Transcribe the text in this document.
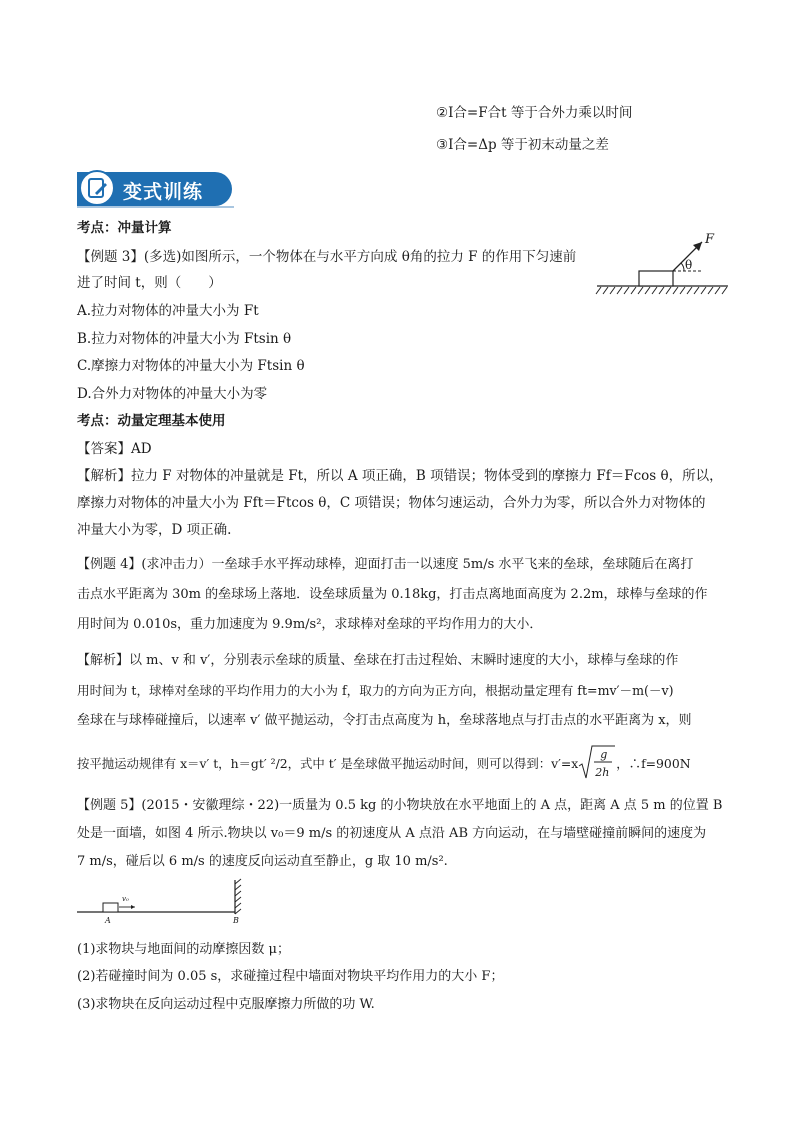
②I合=F合t 等于合外力乘以时间
③I合=Δp 等于初末动量之差
变式训练
考点：冲量计算
【例题 3】(多选)如图所示，一个物体在与水平方向成 θ角的拉力 F 的作用下匀速前
进了时间 t，则（　　）
A.拉力对物体的冲量大小为 Ft
B.拉力对物体的冲量大小为 Ftsin θ
C.摩擦力对物体的冲量大小为 Ftsin θ
D.合外力对物体的冲量大小为零
F
θ
考点：动量定理基本使用
【答案】AD
【解析】拉力 F 对物体的冲量就是 Ft，所以 A 项正确，B 项错误；物体受到的摩擦力 Ff＝Fcos θ，所以，
摩擦力对物体的冲量大小为 Fft＝Ftcos θ，C 项错误；物体匀速运动，合外力为零，所以合外力对物体的
冲量大小为零，D 项正确.
【例题 4】(求冲击力）一垒球手水平挥动球棒，迎面打击一以速度 5m/s 水平飞来的垒球，垒球随后在离打
击点水平距离为 30m 的垒球场上落地．设垒球质量为 0.18kg，打击点离地面高度为 2.2m，球棒与垒球的作
用时间为 0.010s，重力加速度为 9.9m/s²，求球棒对垒球的平均作用力的大小．
【解析】以 m、v 和 v′，分别表示垒球的质量、垒球在打击过程始、末瞬时速度的大小，球棒与垒球的作
用时间为 t，球棒对垒球的平均作用力的大小为 f，取力的方向为正方向，根据动量定理有 ft=mv′－m(－v)
垒球在与球棒碰撞后，以速率 v′ 做平抛运动，令打击点高度为 h，垒球落地点与打击点的水平距离为 x，则
按平抛运动规律有 x＝v′ t，h＝gt′ ²/2，式中 t′ 是垒球做平抛运动时间，则可以得到：v′=x
g
2h
，∴f=900N
【例题 5】(2015・安徽理综・22)一质量为 0.5 kg 的小物块放在水平地面上的 A 点，距离 A 点 5 m 的位置 B
处是一面墙，如图 4 所示.物块以 v₀＝9 m/s 的初速度从 A 点沿 AB 方向运动，在与墙壁碰撞前瞬间的速度为
7 m/s，碰后以 6 m/s 的速度反向运动直至静止，g 取 10 m/s².
v₀
A	B
(1)求物块与地面间的动摩擦因数 μ；
(2)若碰撞时间为 0.05 s，求碰撞过程中墙面对物块平均作用力的大小 F；
(3)求物块在反向运动过程中克服摩擦力所做的功 W.
